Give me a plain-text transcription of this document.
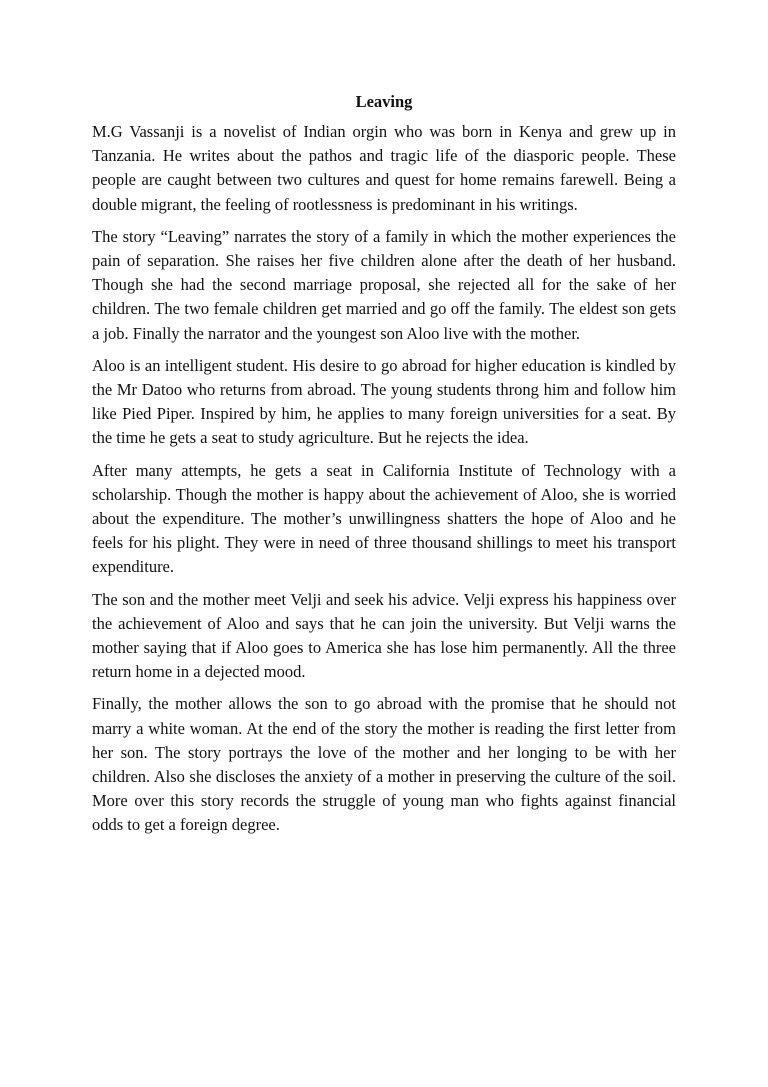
Leaving

M.G Vassanji is a novelist of Indian orgin who was born in Kenya and grew up in Tanzania. He writes about the pathos and tragic life of the diasporic people. These people are caught between two cultures and quest for home remains farewell. Being a double migrant, the feeling of rootlessness is predominant in his writings.

The story “Leaving” narrates the story of a family in which the mother experiences the pain of separation. She raises her five children alone after the death of her husband. Though she had the second marriage proposal, she rejected all for the sake of her children. The two female children get married and go off the family. The eldest son gets a job. Finally the narrator and the youngest son Aloo live with the mother.

Aloo is an intelligent student. His desire to go abroad for higher education is kindled by the Mr Datoo who returns from abroad. The young students throng him and follow him like Pied Piper. Inspired by him, he applies to many foreign universities for a seat. By the time he gets a seat to study agriculture. But he rejects the idea.

After many attempts, he gets a seat in California Institute of Technology with a scholarship. Though the mother is happy about the achievement of Aloo, she is worried about the expenditure. The mother’s unwillingness shatters the hope of Aloo and he feels for his plight. They were in need of three thousand shillings to meet his transport expenditure.

The son and the mother meet Velji and seek his advice. Velji express his happiness over the achievement of Aloo and says that he can join the university. But Velji warns the mother saying that if Aloo goes to America she has lose him permanently. All the three return home in a dejected mood.

Finally, the mother allows the son to go abroad with the promise that he should not marry a white woman. At the end of the story the mother is reading the first letter from her son. The story portrays the love of the mother and her longing to be with her children. Also she discloses the anxiety of a mother in preserving the culture of the soil. More over this story records the struggle of young man who fights against financial odds to get a foreign degree.
